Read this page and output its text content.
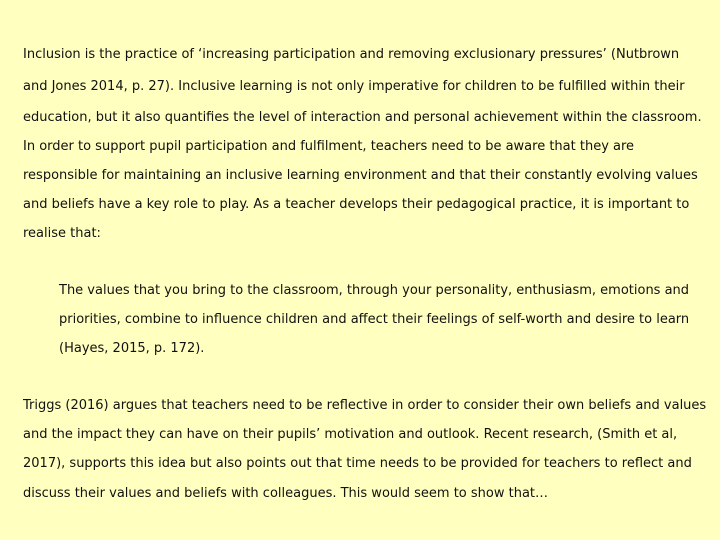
Inclusion is the practice of ‘increasing participation and removing exclusionary pressures’ (Nutbrown
and Jones 2014, p. 27). Inclusive learning is not only imperative for children to be fulfilled within their
education, but it also quantifies the level of interaction and personal achievement within the classroom.
In order to support pupil participation and fulfilment, teachers need to be aware that they are
responsible for maintaining an inclusive learning environment and that their constantly evolving values
and beliefs have a key role to play. As a teacher develops their pedagogical practice, it is important to
realise that:
The values that you bring to the classroom, through your personality, enthusiasm, emotions and
priorities, combine to influence children and affect their feelings of self-worth and desire to learn
(Hayes, 2015, p. 172).
Triggs (2016) argues that teachers need to be reflective in order to consider their own beliefs and values
and the impact they can have on their pupils’ motivation and outlook. Recent research, (Smith et al,
2017), supports this idea but also points out that time needs to be provided for teachers to reflect and
discuss their values and beliefs with colleagues. This would seem to show that…
